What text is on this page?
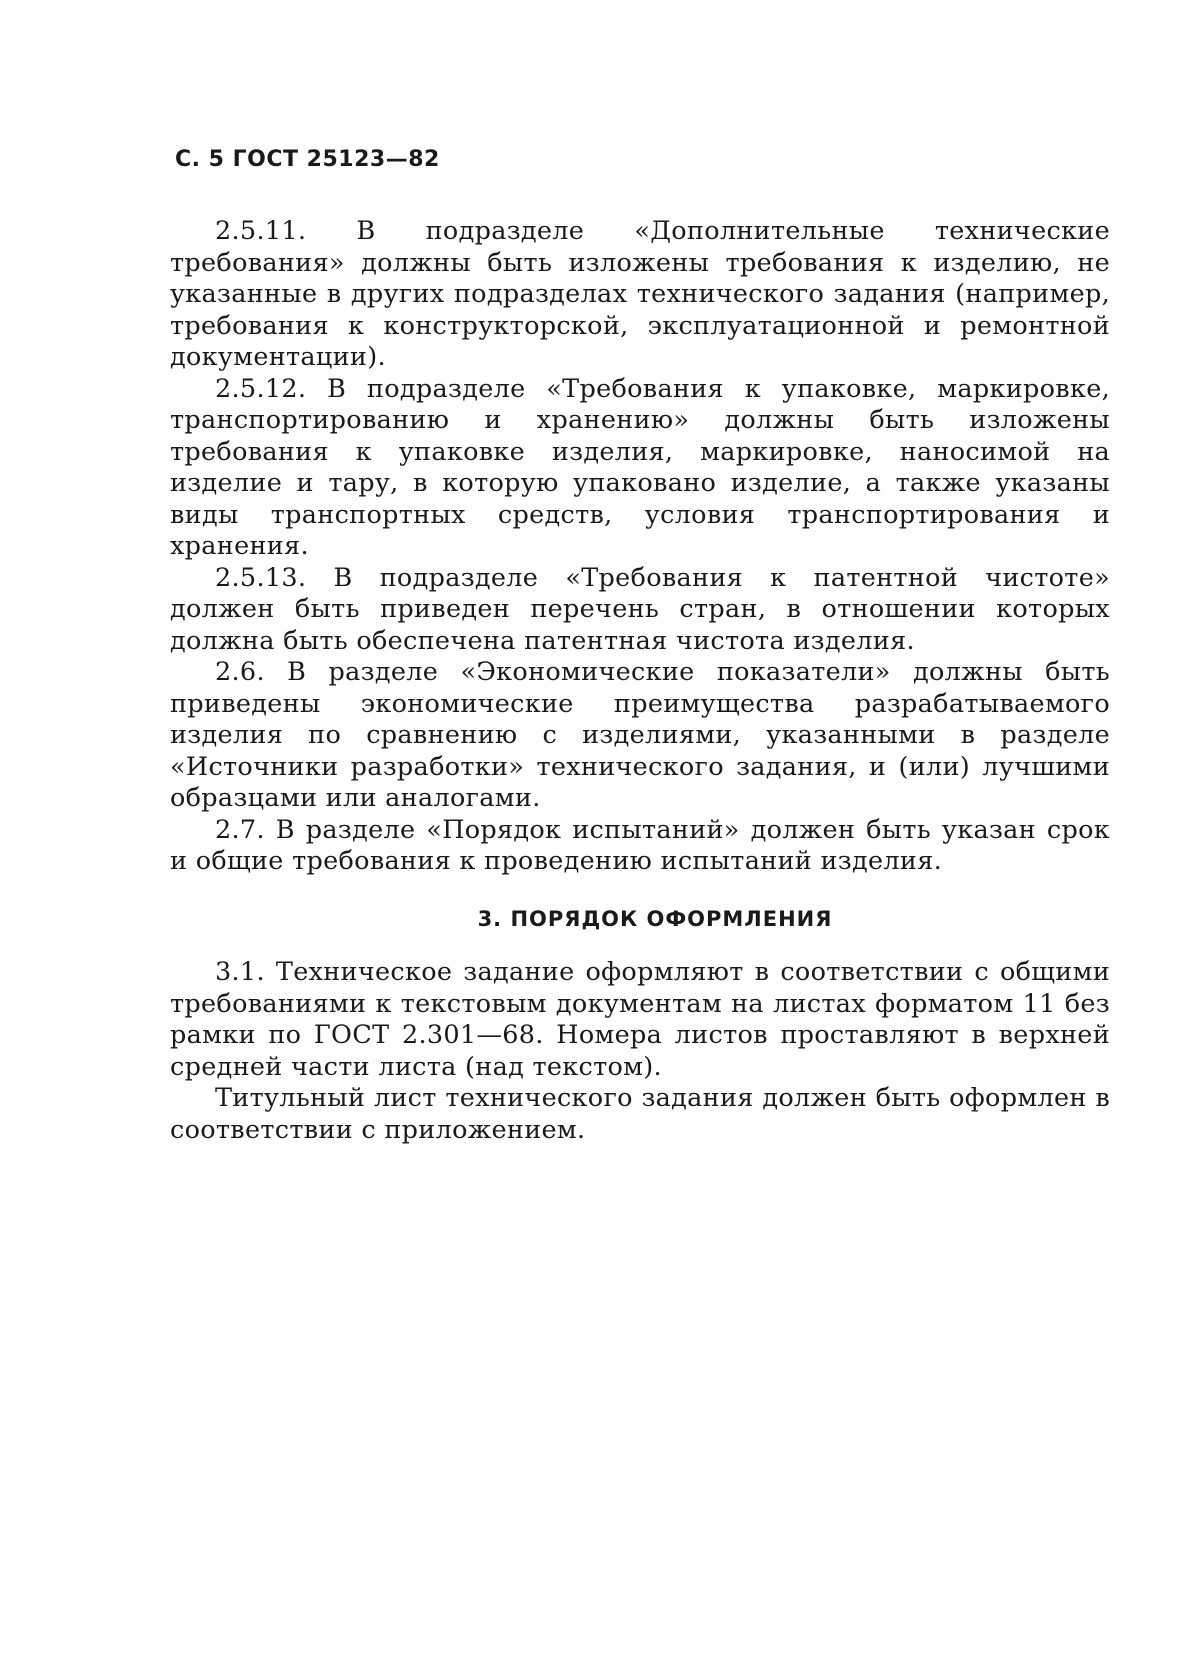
С. 5 ГОСТ 25123—82

2.5.11. В подразделе «Дополнительные технические требования» должны быть изложены требования к изделию, не указанные в других подразделах технического задания (например, требования к конструкторской, эксплуатационной и ремонтной документации).

2.5.12. В подразделе «Требования к упаковке, маркировке, транспортированию и хранению» должны быть изложены требования к упаковке изделия, маркировке, наносимой на изделие и тару, в которую упаковано изделие, а также указаны виды транспортных средств, условия транспортирования и хранения.

2.5.13. В подразделе «Требования к патентной чистоте» должен быть приведен перечень стран, в отношении которых должна быть обеспечена патентная чистота изделия.

2.6. В разделе «Экономические показатели» должны быть приведены экономические преимущества разрабатываемого изделия по сравнению с изделиями, указанными в разделе «Источники разработки» технического задания, и (или) лучшими образцами или аналогами.

2.7. В разделе «Порядок испытаний» должен быть указан срок и общие требования к проведению испытаний изделия.

3. ПОРЯДОК ОФОРМЛЕНИЯ

3.1. Техническое задание оформляют в соответствии с общими требованиями к текстовым документам на листах форматом 11 без рамки по ГОСТ 2.301—68. Номера листов проставляют в верхней средней части листа (над текстом).

Титульный лист технического задания должен быть оформлен в соответствии с приложением.
